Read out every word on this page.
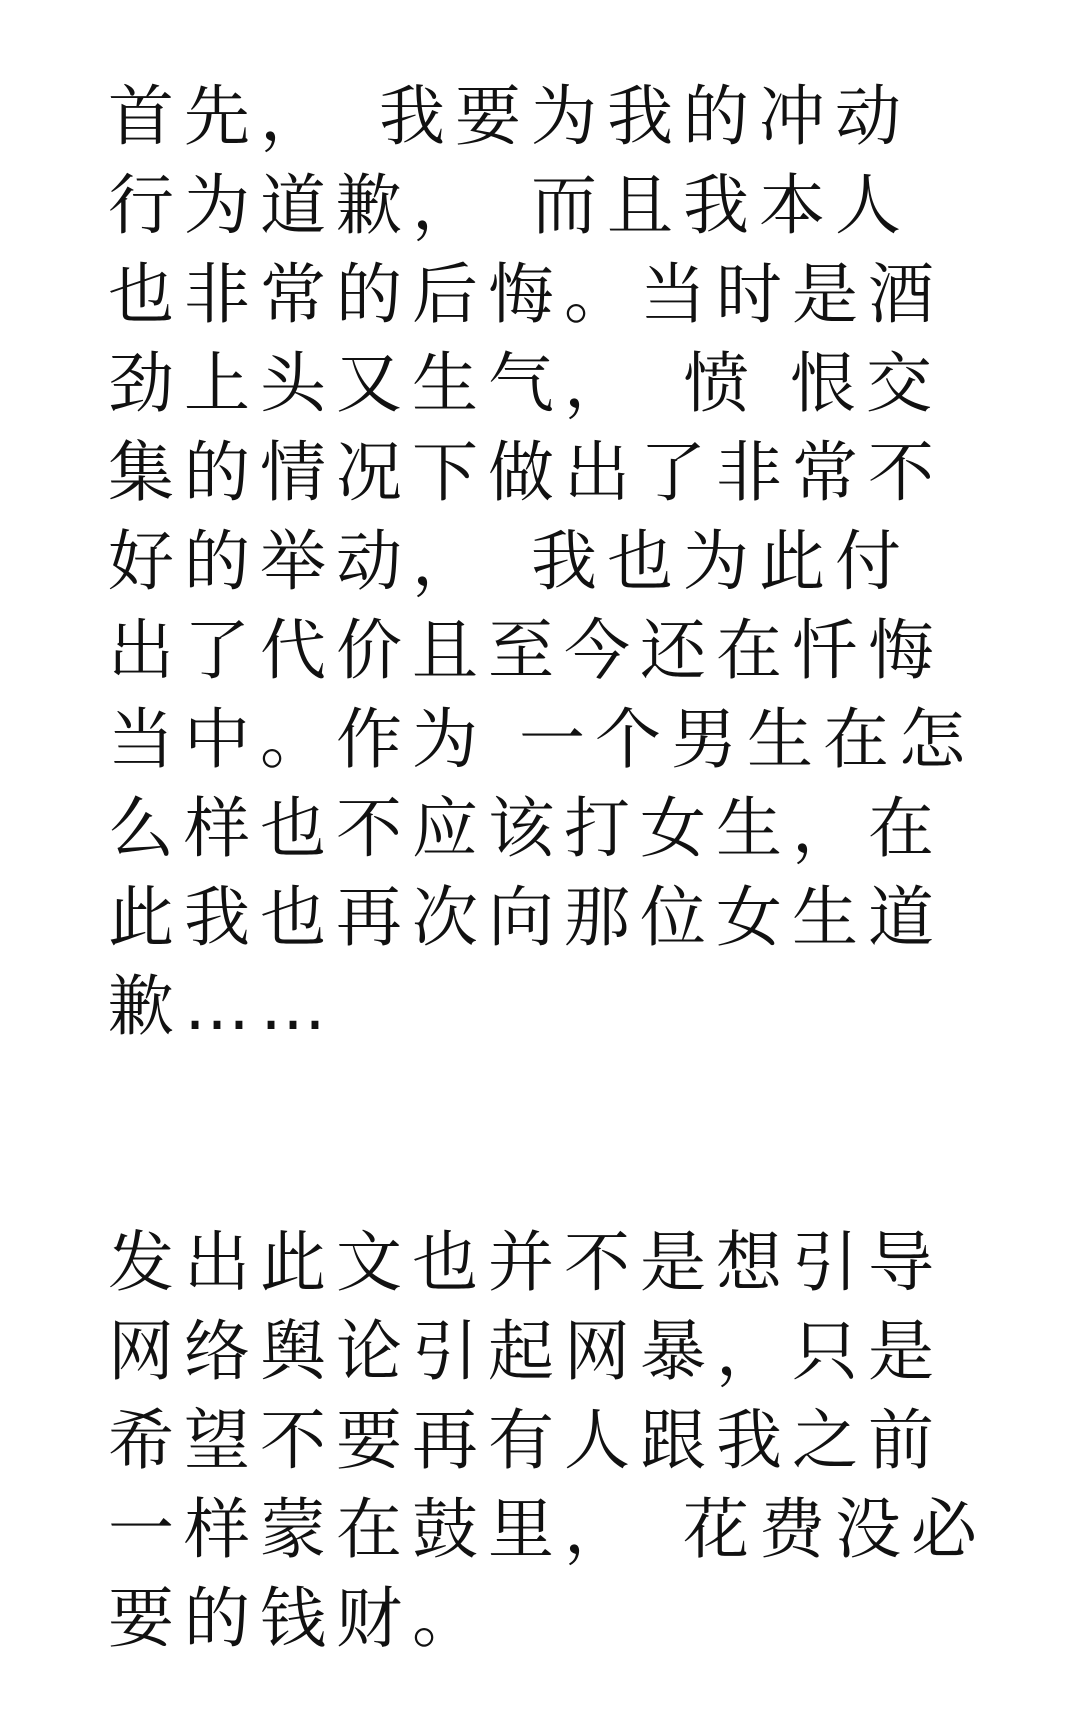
首先，　我要为我的冲动
行为道歉，　而且我本人
也非常的后悔。当时是酒
劲上头又生气，　愤 恨交
集的情况下做出了非常不
好的举动，　我也为此付
出了代价且至今还在忏悔
当中。作为 一个男生在怎
么样也不应该打女生，在
此我也再次向那位女生道
歉……
发出此文也并不是想引导
网络舆论引起网暴，只是
希望不要再有人跟我之前
一样蒙在鼓里，　花费没必
要的钱财。
